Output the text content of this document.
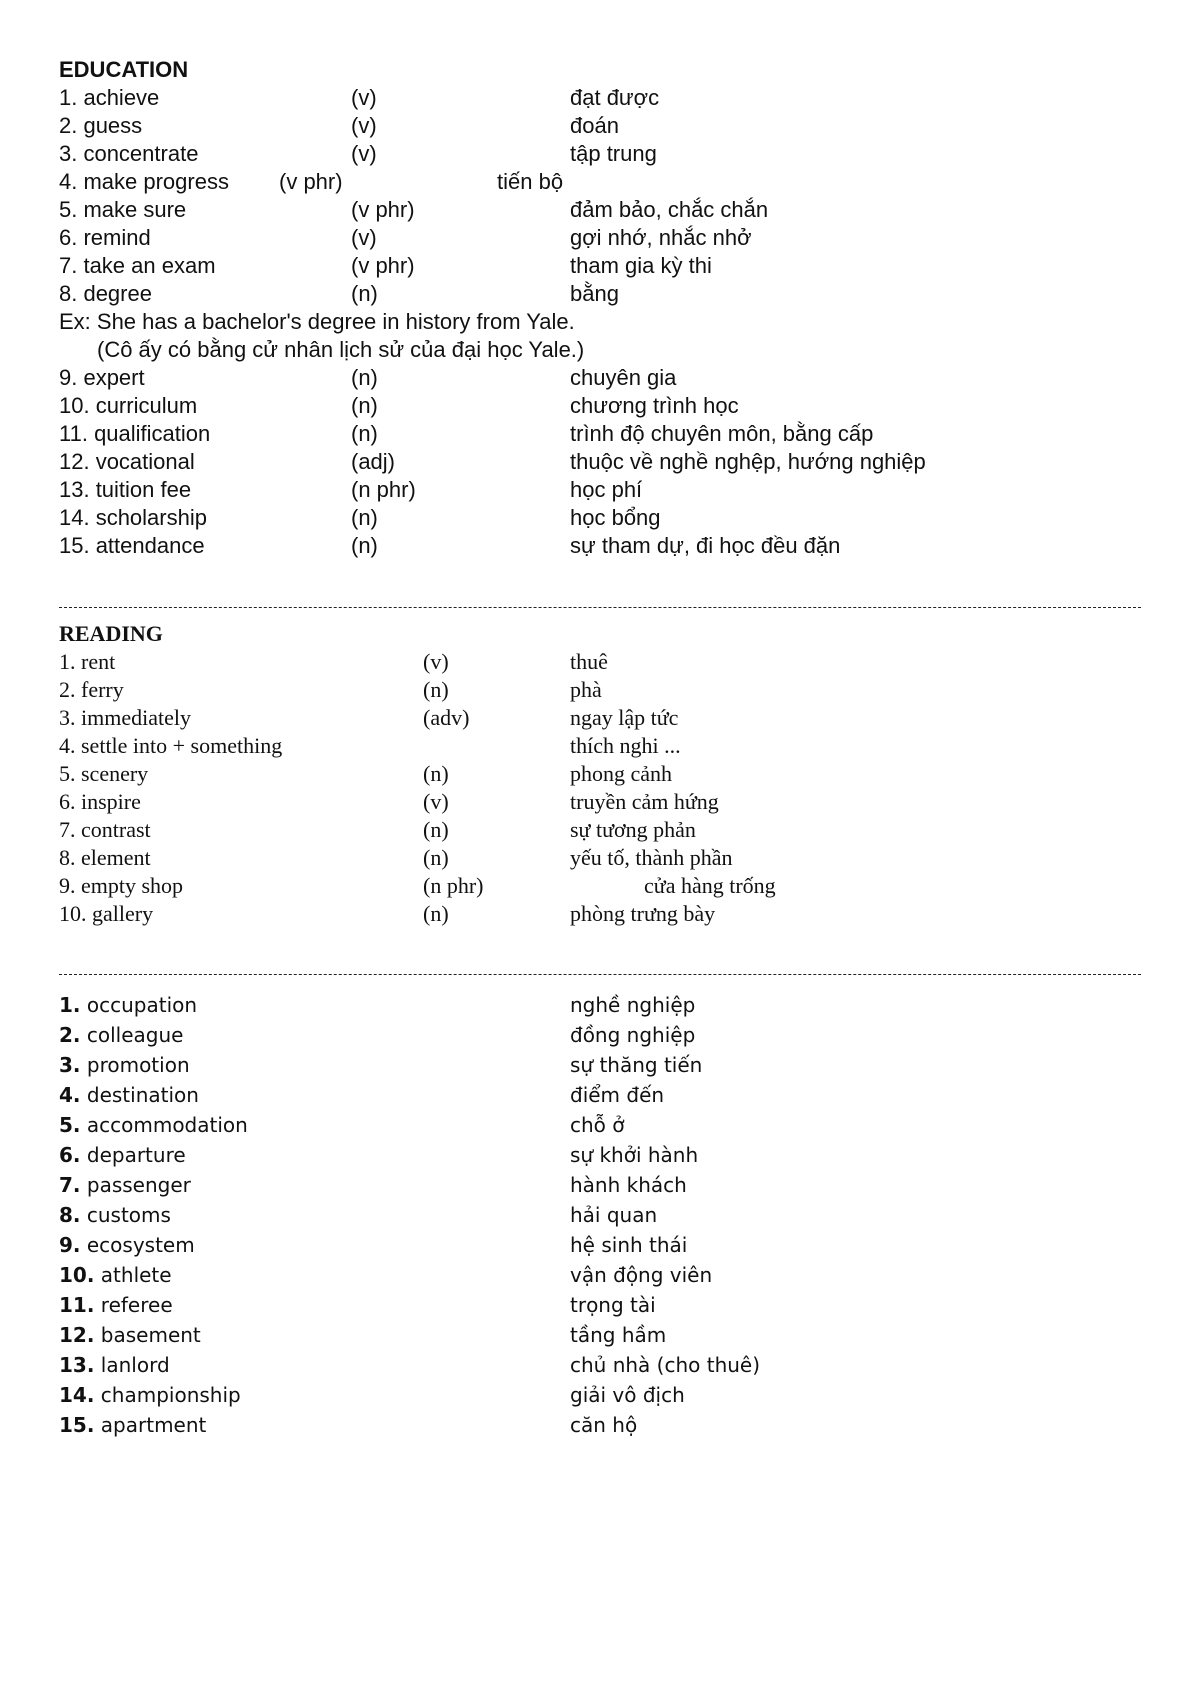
EDUCATION
1. achieve	(v)	đạt được
2. guess	(v)	đoán
3. concentrate	(v)	tập trung
4. make progress (v phr)	tiến bộ
5. make sure	(v phr)	đảm bảo, chắc chắn
6. remind	(v)	gợi nhớ, nhắc nhở
7. take an exam	(v phr)	tham gia kỳ thi
8. degree	(n)	bằng
Ex: She has a bachelor's degree in history from Yale.
(Cô ấy có bằng cử nhân lịch sử của đại học Yale.)
9. expert	(n)	chuyên gia
10. curriculum	(n)	chương trình học
11. qualification	(n)	trình độ chuyên môn, bằng cấp
12. vocational	(adj)	thuộc về nghề nghệp, hướng nghiệp
13. tuition fee	(n phr)	học phí
14. scholarship	(n)	học bổng
15. attendance	(n)	sự tham dự, đi học đều đặn
READING
1. rent	(v)	thuê
2. ferry	(n)	phà
3. immediately	(adv)	ngay lập tức
4. settle into + something	thích nghi ...
5. scenery	(n)	phong cảnh
6. inspire	(v)	truyền cảm hứng
7. contrast	(n)	sự tương phản
8. element	(n)	yếu tố, thành phần
9. empty shop	(n phr)	cửa hàng trống
10. gallery	(n)	phòng trưng bày
1. occupation	nghề nghiệp
2. colleague	đồng nghiệp
3. promotion	sự thăng tiến
4. destination	điểm đến
5. accommodation	chỗ ở
6. departure	sự khởi hành
7. passenger	hành khách
8. customs	hải quan
9. ecosystem	hệ sinh thái
10. athlete	vận động viên
11. referee	trọng tài
12. basement	tầng hầm
13. lanlord	chủ nhà (cho thuê)
14. championship	giải vô địch
15. apartment	căn hộ
